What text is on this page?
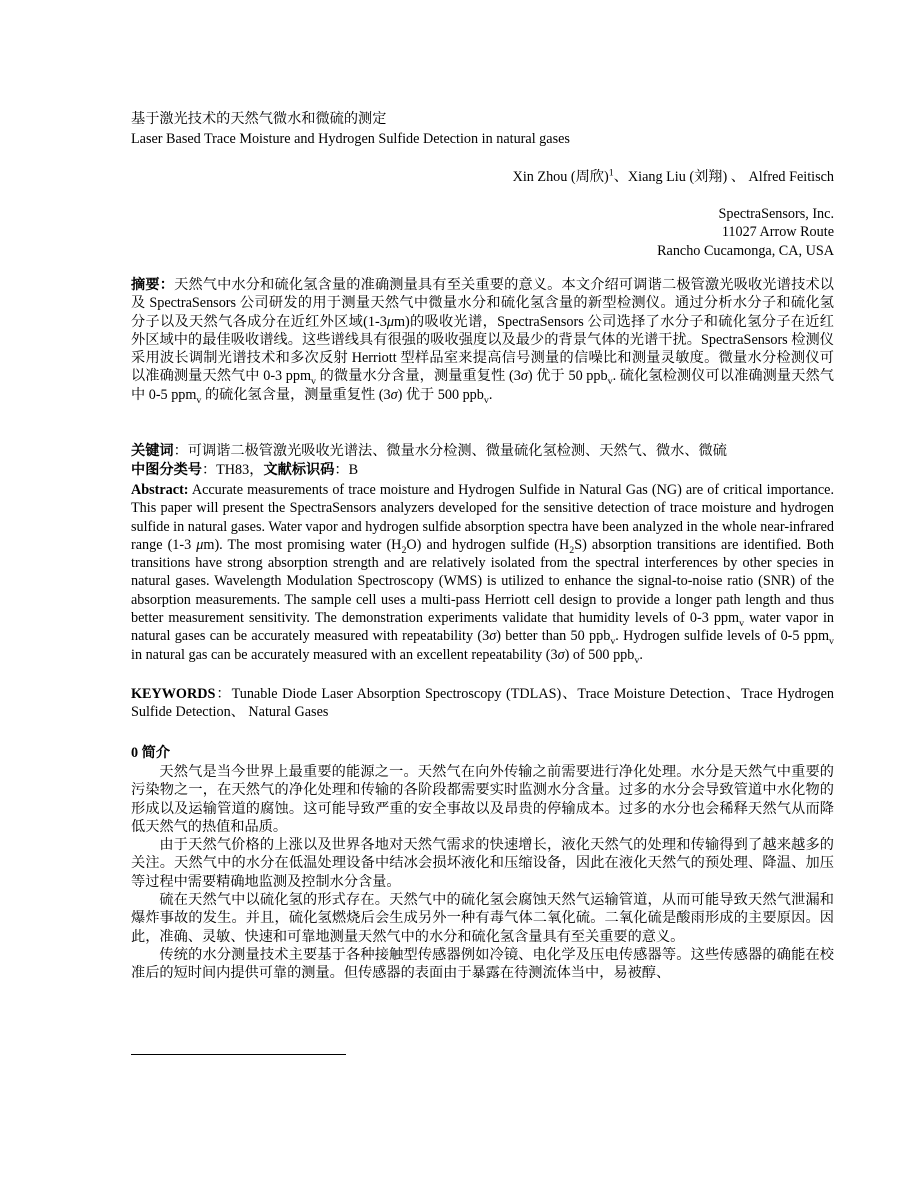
基于激光技术的天然气微水和微硫的测定
Laser Based Trace Moisture and Hydrogen Sulfide Detection in natural gases
Xin Zhou (周欣)$^1$、Xiang Liu (刘翔) 、 Alfred Feitisch
SpectraSensors, Inc.
11027 Arrow Route
Rancho Cucamonga, CA, USA
摘要：天然气中水分和硫化氢含量的准确测量具有至关重要的意义。本文介绍可调谐二极管激光吸收光谱技术以及 SpectraSensors 公司研发的用于测量天然气中微量水分和硫化氢含量的新型检测仪。通过分析水分子和硫化氢分子以及天然气各成分在近红外区域(1-3μm)的吸收光谱，SpectraSensors 公司选择了水分子和硫化氢分子在近红外区域中的最佳吸收谱线。这些谱线具有很强的吸收强度以及最少的背景气体的光谱干扰。SpectraSensors 检测仪采用波长调制光谱技术和多次反射 Herriott 型样品室来提高信号测量的信噪比和测量灵敏度。微量水分检测仪可以准确测量天然气中 0-3 ppm$_v$ 的微量水分含量，测量重复性 (3σ) 优于 50 ppb$_v$. 硫化氢检测仪可以准确测量天然气中 0-5 ppm$_v$ 的硫化氢含量，测量重复性 (3σ) 优于 500 ppb$_v$.
关键词：可调谐二极管激光吸收光谱法、微量水分检测、微量硫化氢检测、天然气、微水、微硫
中图分类号：TH83，文献标识码：B
Abstract: Accurate measurements of trace moisture and Hydrogen Sulfide in Natural Gas (NG) are of critical importance. This paper will present the SpectraSensors analyzers developed for the sensitive detection of trace moisture and hydrogen sulfide in natural gases. Water vapor and hydrogen sulfide absorption spectra have been analyzed in the whole near-infrared range (1-3 μm). The most promising water $(H_2O)$ and hydrogen sulfide $(H_2S)$ absorption transitions are identified. Both transitions have strong absorption strength and are relatively isolated from the spectral interferences by other species in natural gases. Wavelength Modulation Spectroscopy (WMS) is utilized to enhance the signal-to-noise ratio (SNR) of the absorption measurements. The sample cell uses a multi-pass Herriott cell design to provide a longer path length and thus better measurement sensitivity. The demonstration experiments validate that humidity levels of 0-3 ppm$_v$ water vapor in natural gases can be accurately measured with repeatability (3σ) better than 50 ppb$_v$. Hydrogen sulfide levels of 0-5 ppm$_v$ in natural gas can be accurately measured with an excellent repeatability (3σ) of 500 ppb$_v$.
KEYWORDS：Tunable Diode Laser Absorption Spectroscopy (TDLAS)、Trace Moisture Detection、Trace Hydrogen Sulfide Detection、 Natural Gases
0 简介

天然气是当今世界上最重要的能源之一。天然气在向外传输之前需要进行净化处理。水分是天然气中重要的污染物之一，在天然气的净化处理和传输的各阶段都需要实时监测水分含量。过多的水分会导致管道中水化物的形成以及运输管道的腐蚀。这可能导致严重的安全事故以及昂贵的停输成本。过多的水分也会稀释天然气从而降低天然气的热值和品质。

由于天然气价格的上涨以及世界各地对天然气需求的快速增长，液化天然气的处理和传输得到了越来越多的关注。天然气中的水分在低温处理设备中结冰会损坏液化和压缩设备，因此在液化天然气的预处理、降温、加压等过程中需要精确地监测及控制水分含量。

硫在天然气中以硫化氢的形式存在。天然气中的硫化氢会腐蚀天然气运输管道，从而可能导致天然气泄漏和爆炸事故的发生。并且，硫化氢燃烧后会生成另外一种有毒气体二氧化硫。二氧化硫是酸雨形成的主要原因。因此，准确、灵敏、快速和可靠地测量天然气中的水分和硫化氢含量具有至关重要的意义。

传统的水分测量技术主要基于各种接触型传感器例如冷镜、电化学及压电传感器等。这些传感器的确能在校准后的短时间内提供可靠的测量。但传感器的表面由于暴露在待测流体当中，易被醇、
